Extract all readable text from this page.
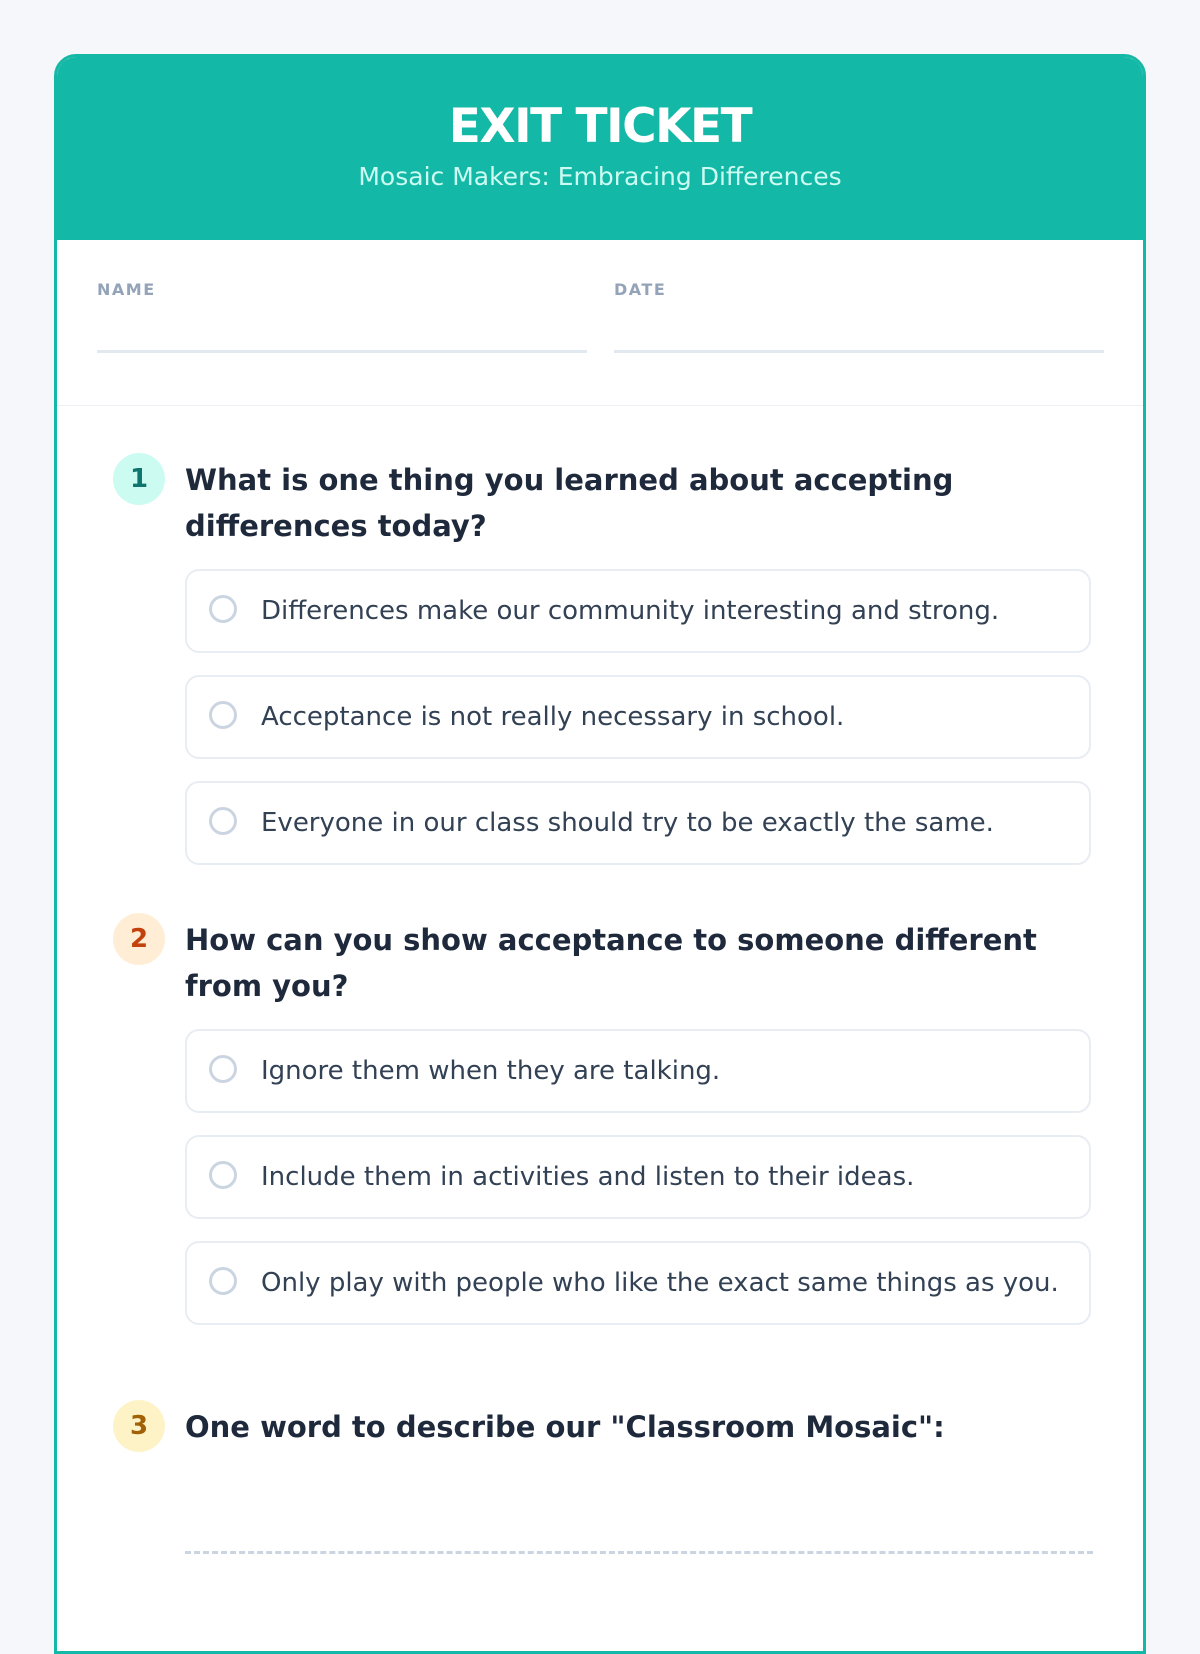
EXIT TICKET
Mosaic Makers: Embracing Differences
NAME	DATE
1	What is one thing you learned about accepting differences today?
Differences make our community interesting and strong.
Acceptance is not really necessary in school.
Everyone in our class should try to be exactly the same.
2	How can you show acceptance to someone different from you?
Ignore them when they are talking.
Include them in activities and listen to their ideas.
Only play with people who like the exact same things as you.
3	One word to describe our "Classroom Mosaic":
